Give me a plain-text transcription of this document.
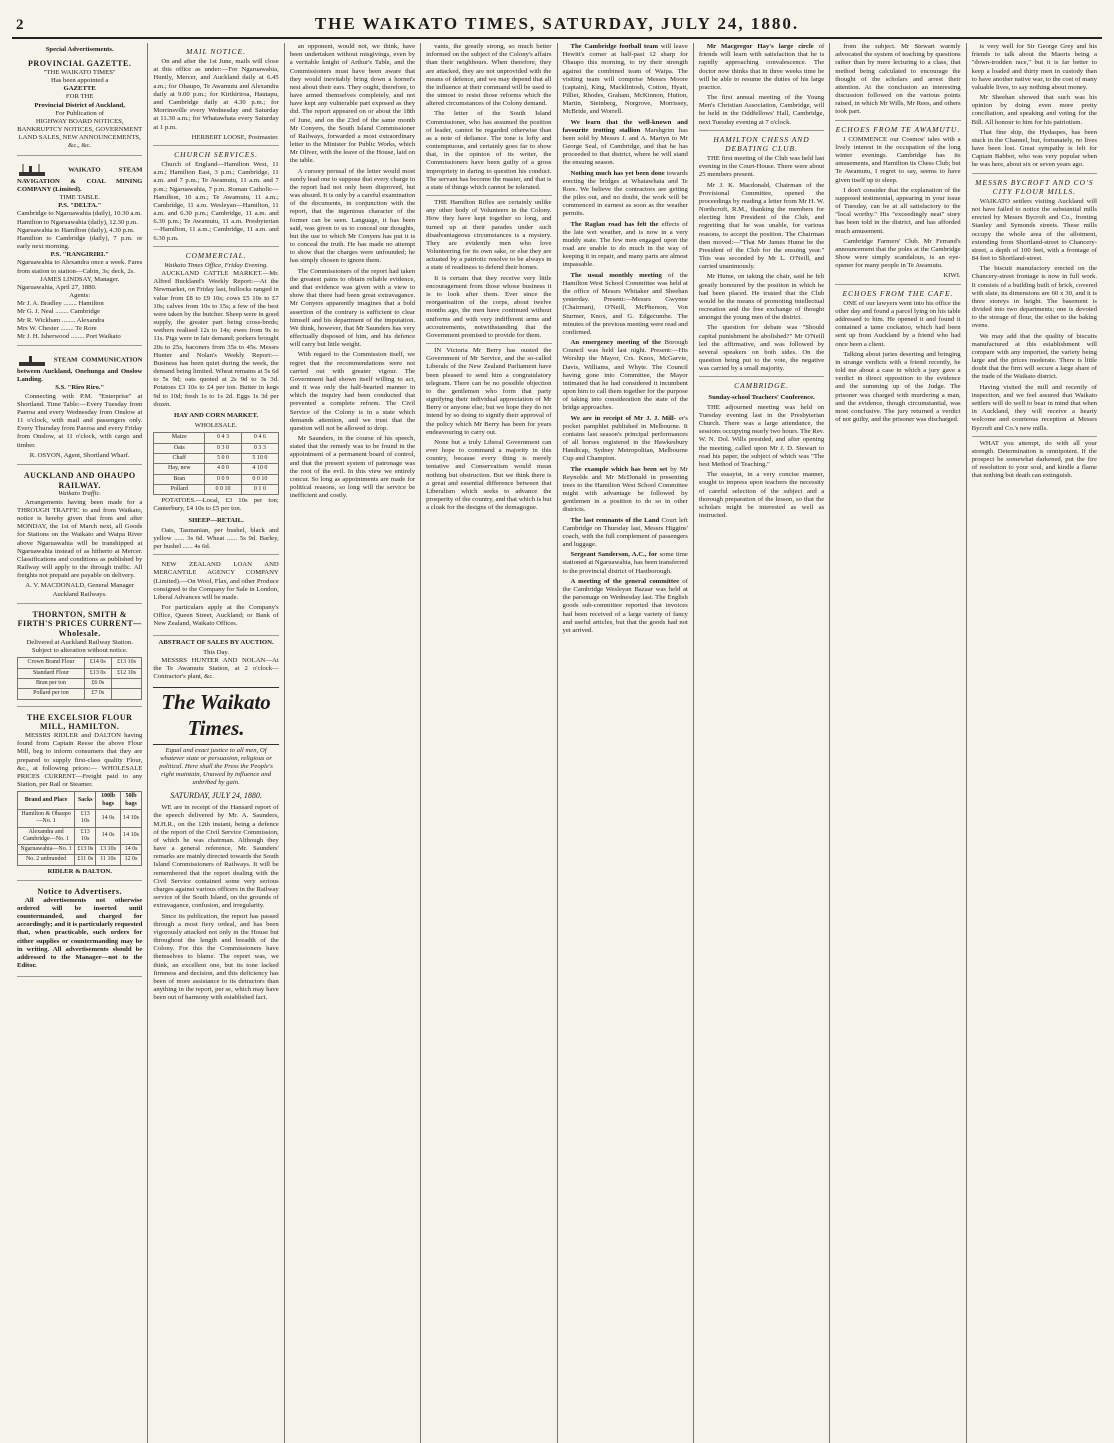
2	THE WAIKATO TIMES, SATURDAY, JULY 24, 1880.
Special Advertisements.
PROVINCIAL GAZETTE.
"THE WAIKATO TIMES"
Has been appointed a
GAZETTE
FOR THE
Provincial District of Auckland,
For Publication of
HIGHWAY BOARD NOTICES, BANKRUPTCY NOTICES, GOVERNMENT LAND SALES, NEW ANNOUNCEMENTS, &c., &c.
WAIKATO STEAM NAVIGATION & COAL MINING COMPANY (Limited).
TIME TABLE.
P.S. "DELTA."
Cambridge to Ngaruawahia (daily), 10.30 a.m.
Hamilton to Ngaruawahia (daily), 12.30 p.m.
Ngaruawahia to Hamilton (daily), 4.30 p.m.
Hamilton to Cambridge (daily), 7 p.m. or early next morning.
P.S. "RANGIRIRI."
Ngaruawahia to Alexandra once a week. Fares from station to station—Cabin, 3s; deck, 2s.
JAMES LINDSAY, Manager.
Ngaruawahia, April 27, 1880.
Agents:
Mr J. A. Bradley ........ Hamilton
Mr G. J. Neal ........ Cambridge
Mr R. Wickham ........ Alexandra
Mrs W. Chester ........ Te Rore
Mr J. H. Isherwood ........ Port Waikato
STEAM COMMUNICATION between Auckland, Onehunga and Onslow Landing.
S.S. "Riro Riro."

Connecting with P.M. "Enterprise" at Shortland. Time Table:—Every Tuesday from Paeroa and every Wednesday from Onslow at 11 o'clock, with mail and passengers only. Every Thursday from Paeroa and every Friday from Onslow, at 11 o'clock, with cargo and timber.

R. OSYON, Agent, Shortland Wharf.
AUCKLAND AND OHAUPO RAILWAY.
Waikato Traffic.

Arrangements having been made for a THROUGH TRAFFIC to and from Waikato, notice is hereby given that from and after MONDAY, the 1st of March next, all Goods for Stations on the Waikato and Waipa River above Ngaruawahia will be transhipped at Ngaruawahia instead of as hitherto at Mercer. Classifications and conditions as published by Railway will apply to the through traffic. All freights not prepaid are payable on delivery.

A. V. MACDONALD, General Manager Auckland Railways.
THORNTON, SMITH & FIRTH'S PRICES CURRENT—Wholesale.
Delivered at Auckland Railway Station. Subject to alteration without notice.
Crown Brand Flour	£14 0s	£13 10s
Standard Flour	£13 0s	£12 10s
Bran per ton	£6 0s	
Pollard per ton	£7 0s	
THE EXCELSIOR FLOUR MILL, HAMILTON.

MESSRS RIDLER and DALTON having found from Captain Reese the above Flour Mill, beg to inform consumers that they are prepared to supply first-class quality Flour, &c., at following prices:— WHOLESALE PRICES CURRENT—Freight paid to any Station, per Rail or Steamer.

Brand and Place	Sacks	100lb bags	50lb bags
Hamilton & Ohaupo—No. 1	£13 10s	14 0s	14 10s
Alexandra and Cambridge—No. 1	£13 10s	14 0s	14 10s
Ngaruawahia—No. 1	£13 0s	13 10s	14 0s
No. 2 unbranded	£11 0s	11 10s	12 0s
RIDLER & DALTON.
Notice to Advertisers.

All advertisements not otherwise ordered will be inserted until countermanded, and charged for accordingly; and it is particularly requested that, when practicable, such orders for either supplies or countermanding may be in writing. All advertisements should be addressed to the Manager—not to the Editor.

MAIL NOTICE.

On and after the 1st June, mails will close at this office as under:—For Ngaruawahia, Huntly, Mercer, and Auckland daily at 6.45 a.m.; for Ohaupo, Te Awamutu and Alexandra daily at 9.00 p.m.; for Kirikiriroa, Hautapu, and Cambridge daily at 4.30 p.m.; for Morrinsville every Wednesday and Saturday at 11.30 a.m.; for Whatawhata every Saturday at 1 p.m.

HERBERT LOOSE, Postmaster.
CHURCH SERVICES.

Church of England—Hamilton West, 11 a.m.; Hamilton East, 3 p.m.; Cambridge, 11 a.m. and 7 p.m.; Te Awamutu, 11 a.m. and 7 p.m.; Ngaruawahia, 7 p.m. Roman Catholic—Hamilton, 10 a.m.; Te Awamutu, 11 a.m.; Cambridge, 11 a.m. Wesleyan—Hamilton, 11 a.m. and 6.30 p.m.; Cambridge, 11 a.m. and 6.30 p.m.; Te Awamutu, 11 a.m. Presbyterian—Hamilton, 11 a.m.; Cambridge, 11 a.m. and 6.30 p.m.

COMMERCIAL.
Waikato Times Office, Friday Evening.

AUCKLAND CATTLE MARKET.—Mr. Alfred Buckland's Weekly Report:—At the Newmarket, on Friday last, bullocks ranged in value from £8 to £9 10s; cows £5 10s to £7 10s; calves from 10s to 15s; a few of the best were taken by the butcher. Sheep were in good supply, the greater part being cross-breds; wethers realised 12s to 14s; ewes from 9s to 11s. Pigs were in fair demand; porkers brought 20s to 25s, baconers from 35s to 45s. Messrs Hunter and Nolan's Weekly Report:—Business has been quiet during the week, the demand being limited. Wheat remains at 5s 6d to 5s 9d; oats quoted at 2s 9d to 3s 3d. Potatoes £3 10s to £4 per ton. Butter in kegs 9d to 10d; fresh 1s to 1s 2d. Eggs 1s 3d per dozen.

HAY AND CORN MARKET.
WHOLESALE.
Maize	0 4 3	0 4 6
Oats	0 3 0	0 3 3
Chaff	5 0 0	5 10 0
Hay, new	4 0 0	4 10 0
Bran	0 0 9	0 0 10
Pollard	0 0 10	0 1 0

POTATOES.—Local, £3 10s per ton; Canterbury, £4 10s to £5 per ton.

SHEEP—RETAIL.

Oats, Tasmanian, per bushel, black and yellow ...... 3s 6d. Wheat ...... 5s 9d. Barley, per bushel ...... 4s 6d.

NEW ZEALAND LOAN AND MERCANTILE AGENCY COMPANY (Limited).—On Wool, Flax, and other Produce consigned to the Company for Sale in London, Liberal Advances will be made.

For particulars apply at the Company's Office, Queen Street, Auckland; or Bank of New Zealand, Waikato Offices.

ABSTRACT OF SALES BY AUCTION.
This Day.

MESSRS HUNTER AND NOLAN—At the Te Awamutu Station, at 2 o'clock—Contractor's plant, &c.

The Waikato Times.
Equal and exact justice to all men, Of whatever state or persuasion, religious or political. Here shall the Press the People's right maintain, Unawed by influence and unbribed by gain.
SATURDAY, JULY 24, 1880.

WE are in receipt of the Hansard report of the speech delivered by Mr. A. Saunders, M.H.R., on the 12th instant, being a defence of the report of the Civil Service Commission, of which he was chairman. Although they have a general reference, Mr. Saunders' remarks are mainly directed towards the South Island Commissioners of Railways. It will be remembered that the report dealing with the Civil Service contained some very serious charges against various officers in the Railway service of the South Island, on the grounds of extravagance, confusion, and irregularity.

Since its publication, the report has passed through a most fiery ordeal, and has been vigorously attacked not only in the House but throughout the length and breadth of the Colony. For this the Commissioners have themselves to blame. The report was, we think, an excellent one, but its tone lacked firmness and decision, and this deficiency has been of more assistance to its detractors than anything in the report, per se, which may have been out of harmony with established fact.

an opponent, would not, we think, have been undertaken without misgivings, even by a veritable knight of Arthur's Table, and the Commissioners must have been aware that they would inevitably bring down a hornet's nest about their ears. They ought, therefore, to have armed themselves completely, and not have kept any vulnerable part exposed as they did. The report appeared on or about the 18th of June, and on the 23rd of the same month Mr Conyers, the South Island Commissioner of Railways, forwarded a most extraordinary letter to the Minister for Public Works, which Mr Oliver, with the leave of the House, laid on the table.

A cursory perusal of the letter would most surely lead one to suppose that every charge in the report had not only been disproved, but was absurd. It is only by a careful examination of the documents, in conjunction with the report, that the ingenious character of the former can be seen. Language, it has been said, was given to us to conceal our thoughts, but the use to which Mr Conyers has put it is to conceal the truth. He has made no attempt to show that the charges were unfounded; he has simply chosen to ignore them.

The Commissioners of the report had taken the greatest pains to obtain reliable evidence, and that evidence was given with a view to show that there had been great extravagance. Mr Conyers apparently imagines that a bold assertion of the contrary is sufficient to clear himself and his department of the imputation. We think, however, that Mr Saunders has very effectually disposed of him, and his defence will carry but little weight.

With regard to the Commission itself, we regret that the recommendations were not carried out with greater vigour. The Government had shown itself willing to act, and it was only the half-hearted manner in which the inquiry had been conducted that prevented a complete reform. The Civil Service of the Colony is in a state which demands attention, and we trust that the question will not be allowed to drop.

Mr Saunders, in the course of his speech, stated that the remedy was to be found in the appointment of a permanent board of control, and that the present system of patronage was the root of the evil. In this view we entirely concur. So long as appointments are made for political reasons, so long will the service be inefficient and costly.

vants, the greatly strong, so much better informed on the subject of the Colony's affairs than their neighbours. When therefore, they are attacked, they are not unprovided with the means of defence, and we may depend that all the influence at their command will be used to the utmost to resist those reforms which the altered circumstances of the Colony demand.

The letter of the South Island Commissioner, who has assumed the position of leader, cannot be regarded otherwise than as a note of defiance. The tone is lofty and contemptuous, and certainly goes far to show that, in the opinion of its writer, the Commissioners have been guilty of a gross impropriety in daring to question his conduct. The servant has become the master, and that is a state of things which cannot be tolerated.

THE Hamilton Rifles are certainly unlike any other body of Volunteers in the Colony. How they have kept together so long, and turned up at their parades under such disadvantageous circumstances is a mystery. They are evidently men who love Volunteering for its own sake, or else they are actuated by a patriotic resolve to be always in a state of readiness to defend their homes.

It is certain that they receive very little encouragement from those whose business it is to look after them. Ever since the reorganisation of the corps, about twelve months ago, the men have continued without uniforms and with very indifferent arms and accoutrements, notwithstanding that the Government promised to provide for them.

IN Victoria Mr Berry has ousted the Government of Mr Service, and the so-called Liberals of the New Zealand Parliament have been pleased to send him a congratulatory telegram. There can be no possible objection to the gentlemen who form that party signifying their individual appreciation of Mr Berry or anyone else; but we hope they do not intend by so doing to signify their approval of the policy which Mr Berry has been for years endeavouring to carry out.

None but a truly Liberal Government can ever hope to command a majority in this country, because every thing is merely tentative and Conservatism would mean nothing but obstruction. But we think there is a great and essential difference between that Liberalism which seeks to advance the prosperity of the country, and that which is but a cloak for the designs of the demagogue.

The Cambridge football team will leave Hewitt's corner at half-past 12 sharp for Ohaupo this morning, to try their strength against the combined team of Waipa. The visiting team will comprise Messrs Moore (captain), King, Macklintosh, Cotton, Hyatt, Pilliet, Rhodes, Graham, McKinnon, Hutton, Martin, Steinberg, Norgrove, Morrissey, McBride, and Worrell.

We learn that the well-known and favourite trotting stallion Marshgrim has been sold by Messrs J. and A. Martyn to Mr George Seal, of Cambridge, and that he has proceeded to that district, where he will stand the ensuing season.

Nothing much has yet been done towards erecting the bridges at Whatawhata and Te Rore. We believe the contractors are getting the piles out, and no doubt, the work will be commenced in earnest as soon as the weather permits.

The Raglan road has felt the effects of the late wet weather, and is now in a very muddy state. The few men engaged upon the road are unable to do much in the way of keeping it in repair, and many parts are almost impassable.

The usual monthly meeting of the Hamilton West School Committee was held at the office of Messrs Whitaker and Sheehan yesterday. Present:—Messrs Gwynne (Chairman), O'Neill, McPherson, Von Sturmer, Knox, and G. Edgecumbe. The minutes of the previous meeting were read and confirmed.

An emergency meeting of the Borough Council was held last night. Present:—His Worship the Mayor, Crs. Knox, McGarvie, Davis, Williams, and Whyte. The Council having gone into Committee, the Mayor intimated that he had considered it incumbent upon him to call them together for the purpose of taking into consideration the state of the bridge approaches.

We are in receipt of Mr J. J. Mill- er's pocket pamphlet published in Melbourne. It contains last season's principal performances of all horses registered in the Hawkesbury Handicap, Sydney Metropolitan, Melbourne Cup and Champion.

The example which has been set by Mr Reynolds and Mr McDonald in presenting trees to the Hamilton West School Committee might with advantage be followed by gentlemen in a position to do so in other districts.

The last remnants of the Land Court left Cambridge on Thursday last, Messrs Higgins' coach, with the full complement of passengers and luggage.

Sergeant Sanderson, A.C., for some time stationed at Ngaruawahia, has been transferred to the provincial district of Hastborough.

A meeting of the general committee of the Cambridge Wesleyan Bazaar was held at the parsonage on Wednesday last. The English goods sub-committee reported that invoices had been received of a large variety of fancy and useful articles, but that the goods had not yet arrived.

Mr Macgregor Hay's large circle of friends will learn with satisfaction that he is rapidly approaching convalescence. The doctor now thinks that in three weeks time he will be able to resume the duties of his large practice.

The first annual meeting of the Young Men's Christian Association, Cambridge, will be held in the Oddfellows' Hall, Cambridge, next Tuesday evening at 7 o'clock.

HAMILTON CHESS AND DEBATING CLUB.

THE first meeting of the Club was held last evening in the Court-House. There were about 25 members present.

Mr J. K. Macdonald, Chairman of the Provisional Committee, opened the proceedings by reading a letter from Mr H. W. Northcroft, R.M., thanking the members for electing him President of the Club, and regretting that he was unable, for various reasons, to accept the position. The Chairman then moved:—"That Mr James Hume be the President of the Club for the ensuing year." This was seconded by Mr L. O'Neill, and carried unanimously.

Mr Hume, on taking the chair, said he felt greatly honoured by the position in which he had been placed. He trusted that the Club would be the means of promoting intellectual recreation and the free exchange of thought amongst the young men of the district.

The question for debate was "Should capital punishment be abolished?" Mr O'Neill led the affirmative, and was followed by several speakers on both sides. On the question being put to the vote, the negative was carried by a small majority.

CAMBRIDGE.
Sunday-school Teachers' Conference.

THE adjourned meeting was held on Tuesday evening last in the Presbyterian Church. There was a large attendance, the sessions occupying nearly two hours. The Rev. W. N. Dol. Wills presided, and after opening the meeting, called upon Mr J. D. Stewart to read his paper, the subject of which was "The best Method of Teaching."

The essayist, in a very concise manner, sought to impress upon teachers the necessity of careful selection of the subject and a thorough preparation of the lesson, so that the scholars might be interested as well as instructed.

from the subject. Mr Stewart warmly advocated the system of teaching by questions rather than by mere lecturing to a class, that method being calculated to encourage the thought of the scholars and arrest their attention. At the conclusion an interesting discussion followed on the various points raised, in which Mr Wills, Mr Rees, and others took part.

ECHOES FROM TE AWAMUTU.

I COMMENCE our Cosmos' tales with a lively interest in the occupation of the long winter evenings. Cambridge has its amusements, and Hamilton its Chess Club; but Te Awamutu, I regret to say, seems to have given itself up to sleep.

I don't consider that the explanation of the supposed testimonial, appearing in your issue of Tuesday, can be at all satisfactory to the "local worthy." His "exceedingly neat" story has been told in the district, and has afforded much amusement.

Cambridge Farmers' Club. Mr Ferrand's announcement that the poles at the Cambridge Show were simply scandalous, is an eye-opener for many people in Te Awamutu.

KIWI.
ECHOES FROM THE CAFE.

ONE of our lawyers went into his office the other day and found a parcel lying on his table addressed to him. He opened it and found it contained a tame cockatoo, which had been sent up from Auckland by a friend who had once been a client.

Talking about juries deserting and bringing in strange verdicts with a friend recently, he told me about a case in which a jury gave a verdict in direct opposition to the evidence and the summing up of the Judge. The prisoner was charged with murdering a man, and the evidence, though circumstantial, was most conclusive. The jury returned a verdict of not guilty, and the prisoner was discharged.

is very well for Sir George Grey and his friends to talk about the Maoris being a "down-trodden race," but it is far better to keep a loaded and thirty men in custody than to have another native war, to the cost of many valuable lives, to say nothing about money.

Mr Sheehan showed that such was his opinion by doing even more pretty conciliation, and speaking and voting for the Bill. All honour to him for his patriotism.

That fine ship, the Hydaspes, has been stuck in the Channel, but, fortunately, no lives have been lost. Great sympathy is felt for Captain Babbot, who was very popular when he was here, about six or seven years ago.

MESSRS BYCROFT AND CO'S CITY FLOUR MILLS.

WAIKATO settlers visiting Auckland will not have failed to notice the substantial mills erected by Messrs Bycroft and Co., fronting Stanley and Symonds streets. These mills occupy the whole area of the allotment, extending from Shortland-street to Chancery-street, a depth of 100 feet, with a frontage of 84 feet to Shortland-street.

The biscuit manufactory erected on the Chancery-street frontage is now in full work. It consists of a building built of brick, covered with slate, its dimensions are 60 x 30, and it is three storeys in height. The basement is divided into two departments; one is devoted to the storage of flour, the other to the baking ovens.

We may add that the quality of biscuits manufactured at this establishment will compare with any imported, the variety being large and the prices moderate. There is little doubt that the firm will secure a large share of the trade of the Waikato district.

Having visited the mill and recently of inspection, and we feel assured that Waikato settlers will do well to bear in mind that when in Auckland, they will receive a hearty welcome and courteous reception at Messrs Bycroft and Co.'s new mills.

WHAT you attempt, do with all your strength. Determination is omnipotent. If the prospect be somewhat darkened, put the fire of resolution to your soul, and kindle a flame that nothing but death can extinguish.
